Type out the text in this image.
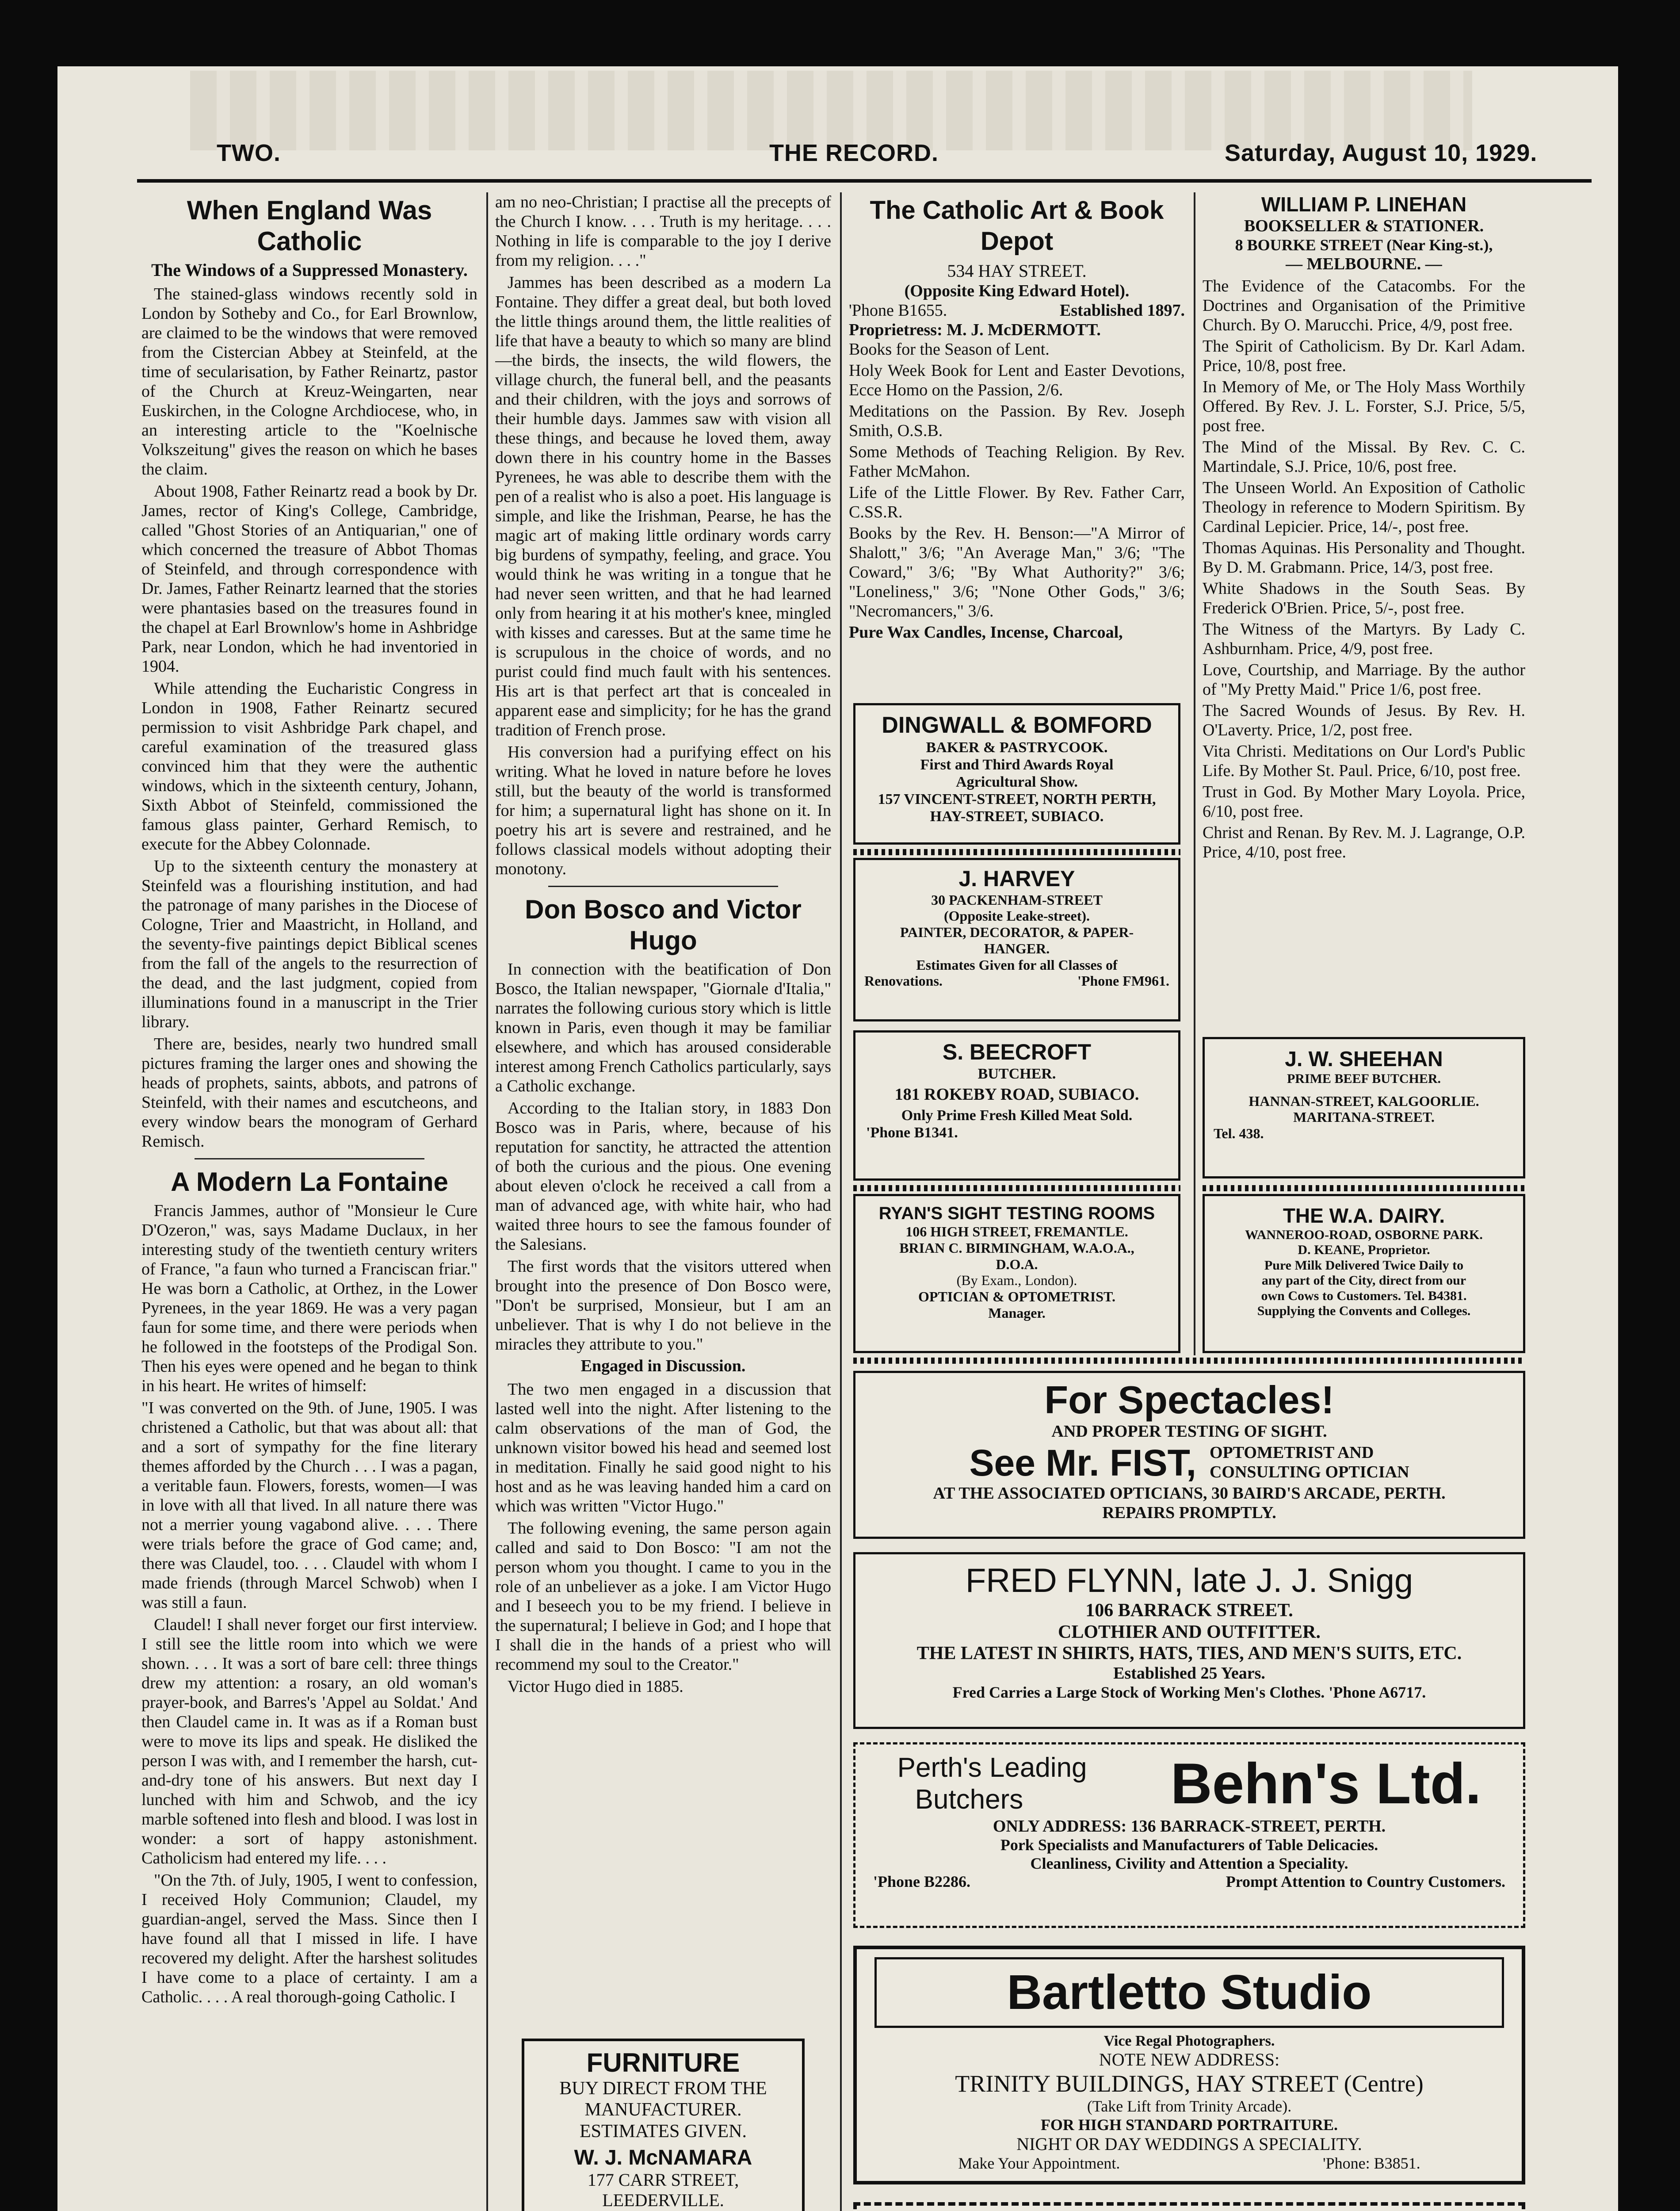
TWO.	THE RECORD.	Saturday, August 10, 1929.
When England Was Catholic
The Windows of a Suppressed Monastery.

The stained-glass windows recently sold in London by Sotheby and Co., for Earl Brownlow, are claimed to be the windows that were removed from the Cistercian Abbey at Steinfeld, at the time of secularisation, by Father Reinartz, pastor of the Church at Kreuz-Weingarten, near Euskirchen, in the Cologne Archdiocese, who, in an interesting article to the "Koelnische Volkszeitung" gives the reason on which he bases the claim.

About 1908, Father Reinartz read a book by Dr. James, rector of King's College, Cambridge, called "Ghost Stories of an Antiquarian," one of which concerned the treasure of Abbot Thomas of Steinfeld, and through correspondence with Dr. James, Father Reinartz learned that the stories were phantasies based on the treasures found in the chapel at Earl Brownlow's home in Ashbridge Park, near London, which he had inventoried in 1904.

While attending the Eucharistic Congress in London in 1908, Father Reinartz secured permission to visit Ashbridge Park chapel, and careful examination of the treasured glass convinced him that they were the authentic windows, which in the sixteenth century, Johann, Sixth Abbot of Steinfeld, commissioned the famous glass painter, Gerhard Remisch, to execute for the Abbey Colonnade.

Up to the sixteenth century the monastery at Steinfeld was a flourishing institution, and had the patronage of many parishes in the Diocese of Cologne, Trier and Maastricht, in Holland, and the seventy-five paintings depict Biblical scenes from the fall of the angels to the resurrection of the dead, and the last judgment, copied from illuminations found in a manuscript in the Trier library.

There are, besides, nearly two hundred small pictures framing the larger ones and showing the heads of prophets, saints, abbots, and patrons of Steinfeld, with their names and escutcheons, and every window bears the monogram of Gerhard Remisch.

A Modern La Fontaine

Francis Jammes, author of "Monsieur le Cure D'Ozeron," was, says Madame Duclaux, in her interesting study of the twentieth century writers of France, "a faun who turned a Franciscan friar." He was born a Catholic, at Orthez, in the Lower Pyrenees, in the year 1869. He was a very pagan faun for some time, and there were periods when he followed in the footsteps of the Prodigal Son. Then his eyes were opened and he began to think in his heart. He writes of himself:

"I was converted on the 9th. of June, 1905. I was christened a Catholic, but that was about all: that and a sort of sympathy for the fine literary themes afforded by the Church . . . I was a pagan, a veritable faun. Flowers, forests, women—I was in love with all that lived. In all nature there was not a merrier young vagabond alive. . . . There were trials before the grace of God came; and, there was Claudel, too. . . . Claudel with whom I made friends (through Marcel Schwob) when I was still a faun.

Claudel! I shall never forget our first interview. I still see the little room into which we were shown. . . . It was a sort of bare cell: three things drew my attention: a rosary, an old woman's prayer-book, and Barres's 'Appel au Soldat.' And then Claudel came in. It was as if a Roman bust were to move its lips and speak. He disliked the person I was with, and I remember the harsh, cut-and-dry tone of his answers. But next day I lunched with him and Schwob, and the icy marble softened into flesh and blood. I was lost in wonder: a sort of happy astonishment. Catholicism had entered my life. . . .

"On the 7th. of July, 1905, I went to confession, I received Holy Communion; Claudel, my guardian-angel, served the Mass. Since then I have found all that I missed in life. I have recovered my delight. After the harshest solitudes I have come to a place of certainty. I am a Catholic. . . . A real thorough-going Catholic. I

am no neo-Christian; I practise all the precepts of the Church I know. . . . Truth is my heritage. . . . Nothing in life is comparable to the joy I derive from my religion. . . ."

Jammes has been described as a modern La Fontaine. They differ a great deal, but both loved the little things around them, the little realities of life that have a beauty to which so many are blind—the birds, the insects, the wild flowers, the village church, the funeral bell, and the peasants and their children, with the joys and sorrows of their humble days. Jammes saw with vision all these things, and because he loved them, away down there in his country home in the Basses Pyrenees, he was able to describe them with the pen of a realist who is also a poet. His language is simple, and like the Irishman, Pearse, he has the magic art of making little ordinary words carry big burdens of sympathy, feeling, and grace. You would think he was writing in a tongue that he had never seen written, and that he had learned only from hearing it at his mother's knee, mingled with kisses and caresses. But at the same time he is scrupulous in the choice of words, and no purist could find much fault with his sentences. His art is that perfect art that is concealed in apparent ease and simplicity; for he has the grand tradition of French prose.

His conversion had a purifying effect on his writing. What he loved in nature before he loves still, but the beauty of the world is transformed for him; a supernatural light has shone on it. In poetry his art is severe and restrained, and he follows classical models without adopting their monotony.

Don Bosco and Victor Hugo

In connection with the beatification of Don Bosco, the Italian newspaper, "Giornale d'Italia," narrates the following curious story which is little known in Paris, even though it may be familiar elsewhere, and which has aroused considerable interest among French Catholics particularly, says a Catholic exchange.

According to the Italian story, in 1883 Don Bosco was in Paris, where, because of his reputation for sanctity, he attracted the attention of both the curious and the pious. One evening about eleven o'clock he received a call from a man of advanced age, with white hair, who had waited three hours to see the famous founder of the Salesians.

The first words that the visitors uttered when brought into the presence of Don Bosco were, "Don't be surprised, Monsieur, but I am an unbeliever. That is why I do not believe in the miracles they attribute to you."

Engaged in Discussion.

The two men engaged in a discussion that lasted well into the night. After listening to the calm observations of the man of God, the unknown visitor bowed his head and seemed lost in meditation. Finally he said good night to his host and as he was leaving handed him a card on which was written "Victor Hugo."

The following evening, the same person again called and said to Don Bosco: "I am not the person whom you thought. I came to you in the role of an unbeliever as a joke. I am Victor Hugo and I beseech you to be my friend. I believe in the supernatural; I believe in God; and I hope that I shall die in the hands of a priest who will recommend my soul to the Creator."

Victor Hugo died in 1885.

FURNITURE
BUY DIRECT FROM THE
MANUFACTURER.
ESTIMATES GIVEN.
W. J. McNAMARA
177 CARR STREET,
LEEDERVILLE.
The Catholic Art & Book Depot
534 HAY STREET.
(Opposite King Edward Hotel).
'Phone B1655.	Established 1897.
Proprietress: M. J. McDERMOTT.

Books for the Season of Lent.

Holy Week Book for Lent and Easter Devotions, Ecce Homo on the Passion, 2/6.

Meditations on the Passion. By Rev. Joseph Smith, O.S.B.

Some Methods of Teaching Religion. By Rev. Father McMahon.

Life of the Little Flower. By Rev. Father Carr, C.SS.R.

Books by the Rev. H. Benson:—"A Mirror of Shalott," 3/6; "An Average Man," 3/6; "The Coward," 3/6; "By What Authority?" 3/6; "Loneliness," 3/6; "None Other Gods," 3/6; "Necromancers," 3/6.

Pure Wax Candles, Incense, Charcoal,

DINGWALL & BOMFORD
BAKER & PASTRYCOOK.
First and Third Awards Royal
Agricultural Show.
157 VINCENT-STREET, NORTH PERTH,
HAY-STREET, SUBIACO.
J. HARVEY
30 PACKENHAM-STREET
(Opposite Leake-street).
PAINTER, DECORATOR, & PAPER-
HANGER.
Estimates Given for all Classes of
Renovations.	'Phone FM961.
S. BEECROFT
BUTCHER.
181 ROKEBY ROAD, SUBIACO.
Only Prime Fresh Killed Meat Sold.
'Phone B1341.
RYAN'S SIGHT TESTING ROOMS
106 HIGH STREET, FREMANTLE.
BRIAN C. BIRMINGHAM, W.A.O.A.,
D.O.A.
(By Exam., London).
OPTICIAN & OPTOMETRIST.
Manager.
WILLIAM P. LINEHAN
BOOKSELLER & STATIONER.
8 BOURKE STREET (Near King-st.),
— MELBOURNE. —

The Evidence of the Catacombs. For the Doctrines and Organisation of the Primitive Church. By O. Marucchi. Price, 4/9, post free.

The Spirit of Catholicism. By Dr. Karl Adam. Price, 10/8, post free.

In Memory of Me, or The Holy Mass Worthily Offered. By Rev. J. L. Forster, S.J. Price, 5/5, post free.

The Mind of the Missal. By Rev. C. C. Martindale, S.J. Price, 10/6, post free.

The Unseen World. An Exposition of Catholic Theology in reference to Modern Spiritism. By Cardinal Lepicier. Price, 14/-, post free.

Thomas Aquinas. His Personality and Thought. By D. M. Grabmann. Price, 14/3, post free.

White Shadows in the South Seas. By Frederick O'Brien. Price, 5/-, post free.

The Witness of the Martyrs. By Lady C. Ashburnham. Price, 4/9, post free.

Love, Courtship, and Marriage. By the author of "My Pretty Maid." Price 1/6, post free.

The Sacred Wounds of Jesus. By Rev. H. O'Laverty. Price, 1/2, post free.

Vita Christi. Meditations on Our Lord's Public Life. By Mother St. Paul. Price, 6/10, post free.

Trust in God. By Mother Mary Loyola. Price, 6/10, post free.

Christ and Renan. By Rev. M. J. Lagrange, O.P. Price, 4/10, post free.

J. W. SHEEHAN
PRIME BEEF BUTCHER.
HANNAN-STREET, KALGOORLIE.
MARITANA-STREET.
Tel. 438.
THE W.A. DAIRY.
WANNEROO-ROAD, OSBORNE PARK.
D. KEANE, Proprietor.
Pure Milk Delivered Twice Daily to
any part of the City, direct from our
own Cows to Customers. Tel. B4381.
Supplying the Convents and Colleges.
For Spectacles!
AND PROPER TESTING OF SIGHT.
See Mr. FIST, OPTOMETRIST AND
CONSULTING OPTICIAN
AT THE ASSOCIATED OPTICIANS, 30 BAIRD'S ARCADE, PERTH.
REPAIRS PROMPTLY.
FRED FLYNN, late J. J. Snigg
106 BARRACK STREET.
CLOTHIER AND OUTFITTER.
THE LATEST IN SHIRTS, HATS, TIES, AND MEN'S SUITS, ETC.
Established 25 Years.
Fred Carries a Large Stock of Working Men's Clothes. 'Phone A6717.
Perth's Leading
Butchers	Behn's Ltd.
ONLY ADDRESS: 136 BARRACK-STREET, PERTH.
Pork Specialists and Manufacturers of Table Delicacies.
Cleanliness, Civility and Attention a Speciality.
'Phone B2286.	Prompt Attention to Country Customers.
Bartletto Studio
Vice Regal Photographers.
NOTE NEW ADDRESS:
TRINITY BUILDINGS, HAY STREET (Centre)
(Take Lift from Trinity Arcade).
FOR HIGH STANDARD PORTRAITURE.
NIGHT OR DAY WEDDINGS A SPECIALITY.
Make Your Appointment.	'Phone: B3851.
